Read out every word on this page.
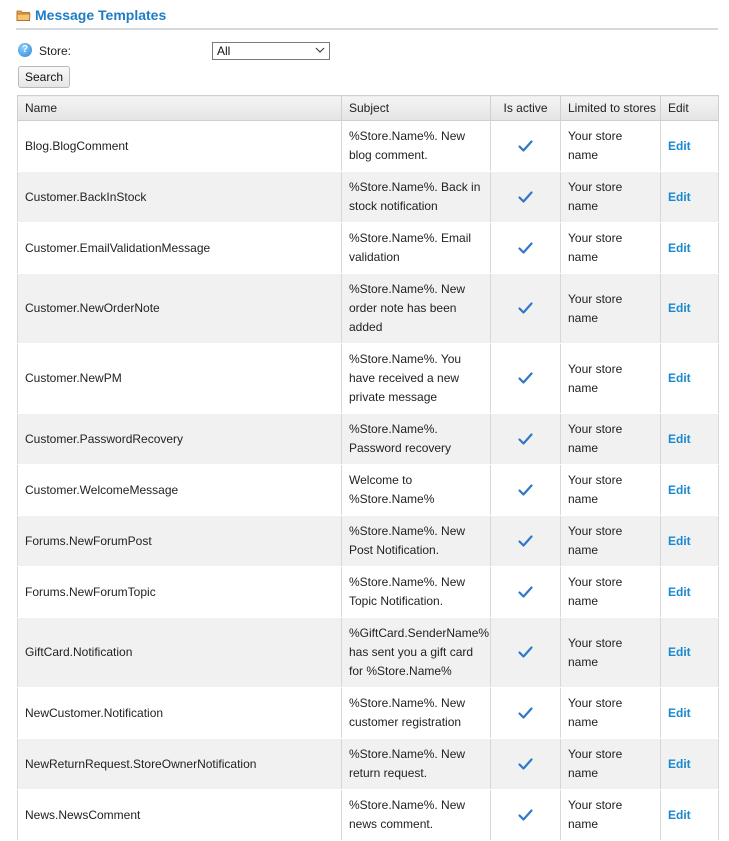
Message Templates
? Store:	All
Search
Name	Subject	Is active	Limited to stores	Edit
Blog.BlogComment	%Store.Name%. New blog comment.		Your store name	Edit
Customer.BackInStock	%Store.Name%. Back in stock notification		Your store name	Edit
Customer.EmailValidationMessage	%Store.Name%. Email validation		Your store name	Edit
Customer.NewOrderNote	%Store.Name%. New order note has been added		Your store name	Edit
Customer.NewPM	%Store.Name%. You have received a new private message		Your store name	Edit
Customer.PasswordRecovery	%Store.Name%. Password recovery		Your store name	Edit
Customer.WelcomeMessage	Welcome to %Store.Name%		Your store name	Edit
Forums.NewForumPost	%Store.Name%. New Post Notification.		Your store name	Edit
Forums.NewForumTopic	%Store.Name%. New Topic Notification.		Your store name	Edit
GiftCard.Notification	%GiftCard.SenderName% has sent you a gift card for %Store.Name%		Your store name	Edit
NewCustomer.Notification	%Store.Name%. New customer registration		Your store name	Edit
NewReturnRequest.StoreOwnerNotification	%Store.Name%. New return request.		Your store name	Edit
News.NewsComment	%Store.Name%. New news comment.		Your store name	Edit
